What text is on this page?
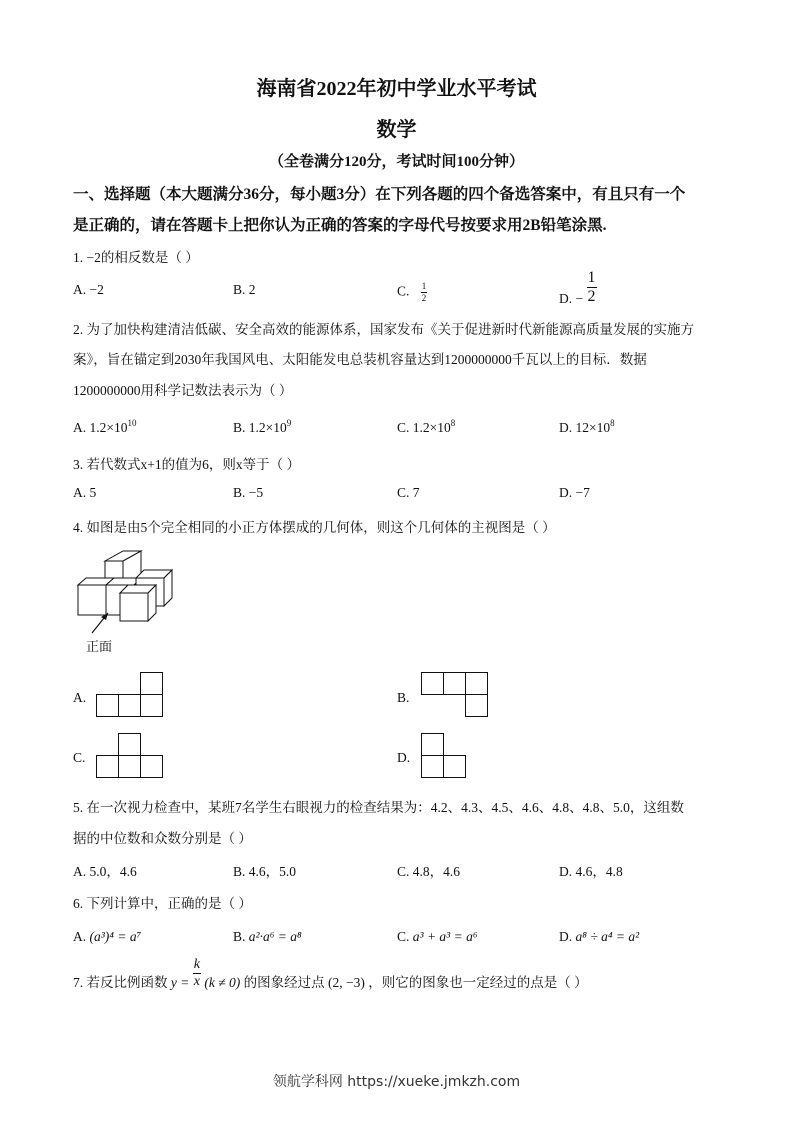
海南省2022年初中学业水平考试
数学
（全卷满分120分，考试时间100分钟）
一、选择题（本大题满分36分，每小题3分）在下列各题的四个备选答案中，有且只有一个
是正确的，请在答题卡上把你认为正确的答案的字母代号按要求用2B铅笔涂黑.
1. −2的相反数是（ ）
A. −2	B. 2	C. $\frac{1}{2}$	D. − $\frac{1}{2}$
2. 为了加快构建清洁低碳、安全高效的能源体系，国家发布《关于促进新时代新能源高质量发展的实施方
案》，旨在锚定到2030年我国风电、太阳能发电总装机容量达到1200000000千瓦以上的目标．数据
1200000000用科学记数法表示为（ ）
A. $1.2\times 10^{10}$	B. $1.2\times 10^9$	C. $1.2\times 10^8$	D. $12\times 10^8$
3. 若代数式x+1的值为6，则x等于（ ）
A. 5	B. −5	C. 7	D. −7
4. 如图是由5个完全相同的小正方体摆成的几何体，则这个几何体的主视图是（ ）
正面
A.	B.
C.	D.
5. 在一次视力检查中，某班7名学生右眼视力的检查结果为：4.2、4.3、4.5、4.6、4.8、4.8、5.0，这组数
据的中位数和众数分别是（ ）
A. 5.0，4.6	B. 4.6，5.0	C. 4.8，4.6	D. 4.6，4.8
6. 下列计算中，正确的是（ ）
A. (a³)⁴ = a⁷	B. a²·a⁶ = a⁸	C. a³ + a³ = a⁶	D. a⁸ ÷ a⁴ = a²
7. 若反比例函数 $y = \frac{k}{x} (k \ne 0)$ 的图象经过点 (2, −3) ，则它的图象也一定经过的点是（ ）
领航学科网 https://xueke.jmkzh.com
